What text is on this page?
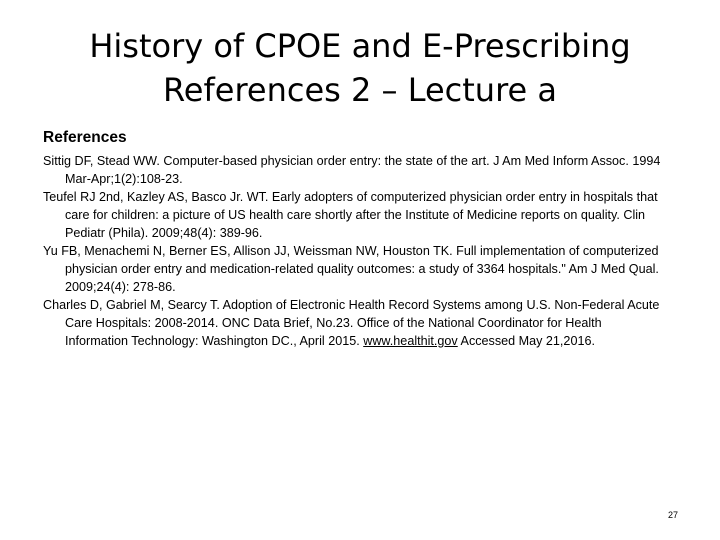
History of CPOE and E-Prescribing
References 2 – Lecture a
References

Sittig DF, Stead WW. Computer-based physician order entry: the state of the art. J Am Med Inform Assoc. 1994 Mar-Apr;1(2):108-23.

Teufel RJ 2nd, Kazley AS, Basco Jr. WT. Early adopters of computerized physician order entry in hospitals that care for children: a picture of US health care shortly after the Institute of Medicine reports on quality. Clin Pediatr (Phila). 2009;48(4): 389-96.

Yu FB, Menachemi N, Berner ES, Allison JJ, Weissman NW, Houston TK. Full implementation of computerized physician order entry and medication-related quality outcomes: a study of 3364 hospitals." Am J Med Qual. 2009;24(4): 278-86.

Charles D, Gabriel M, Searcy T. Adoption of Electronic Health Record Systems among U.S. Non-Federal Acute Care Hospitals: 2008-2014. ONC Data Brief, No.23. Office of the National Coordinator for Health Information Technology: Washington DC., April 2015. www.healthit.gov Accessed May 21,2016.

27
